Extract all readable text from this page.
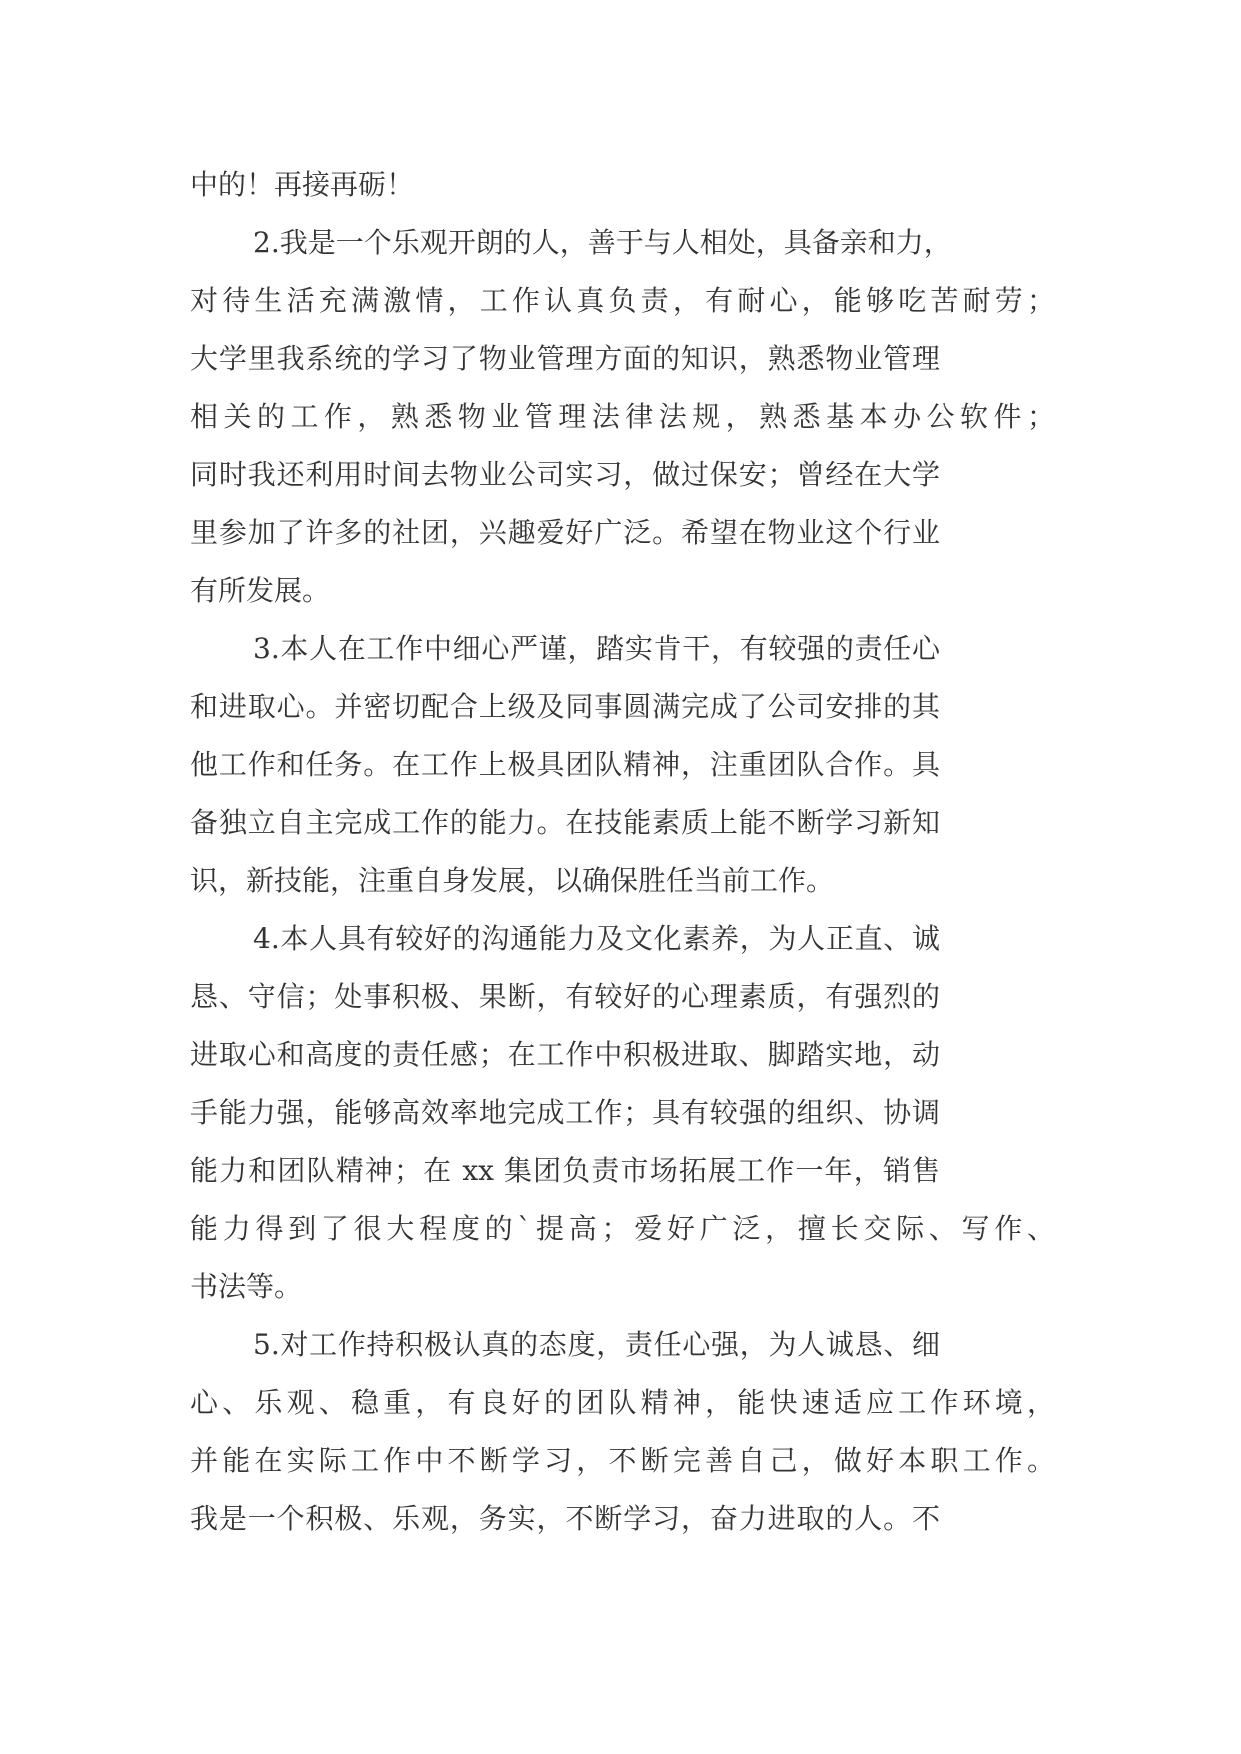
中的！再接再砺！
2.我是一个乐观开朗的人，善于与人相处，具备亲和力，
对待生活充满激情，工作认真负责，有耐心，能够吃苦耐劳；
大学里我系统的学习了物业管理方面的知识，熟悉物业管理
相关的工作，熟悉物业管理法律法规，熟悉基本办公软件；
同时我还利用时间去物业公司实习，做过保安；曾经在大学
里参加了许多的社团，兴趣爱好广泛。希望在物业这个行业
有所发展。
3.本人在工作中细心严谨，踏实肯干，有较强的责任心
和进取心。并密切配合上级及同事圆满完成了公司安排的其
他工作和任务。在工作上极具团队精神，注重团队合作。具
备独立自主完成工作的能力。在技能素质上能不断学习新知
识，新技能，注重自身发展，以确保胜任当前工作。
4.本人具有较好的沟通能力及文化素养，为人正直、诚
恳、守信；处事积极、果断，有较好的心理素质，有强烈的
进取心和高度的责任感；在工作中积极进取、脚踏实地，动
手能力强，能够高效率地完成工作；具有较强的组织、协调
能力和团队精神；在 xx 集团负责市场拓展工作一年，销售
能力得到了很大程度的`提高；爱好广泛，擅长交际、写作、
书法等。
5.对工作持积极认真的态度，责任心强，为人诚恳、细
心、乐观、稳重，有良好的团队精神，能快速适应工作环境，
并能在实际工作中不断学习，不断完善自己，做好本职工作。
我是一个积极、乐观，务实，不断学习，奋力进取的人。不
